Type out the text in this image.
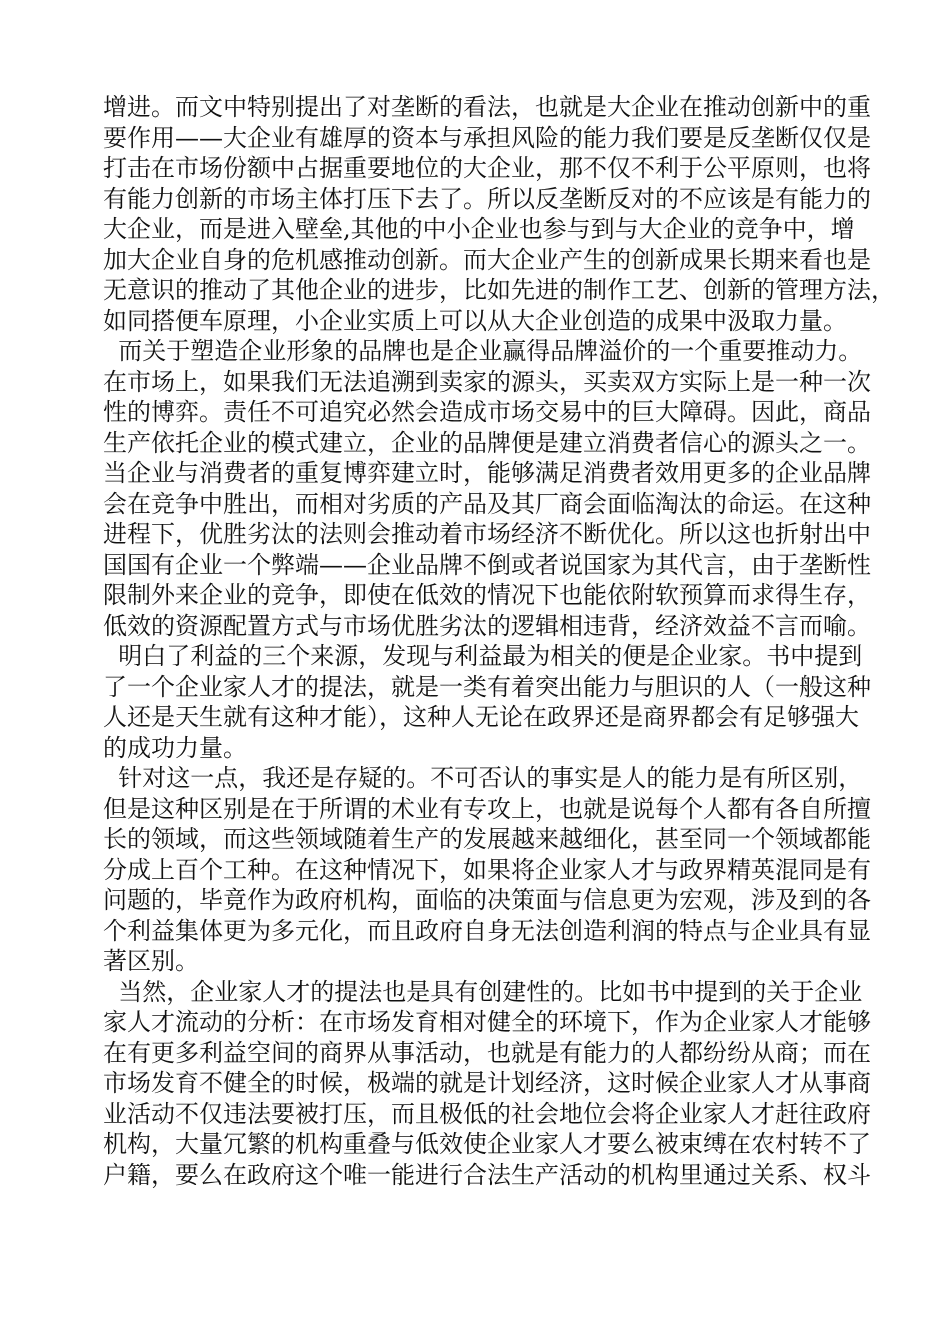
增进。而文中特别提出了对垄断的看法，也就是大企业在推动创新中的重
要作用——大企业有雄厚的资本与承担风险的能力我们要是反垄断仅仅是
打击在市场份额中占据重要地位的大企业，那不仅不利于公平原则，也将
有能力创新的市场主体打压下去了。所以反垄断反对的不应该是有能力的
大企业，而是进入壁垒,其他的中小企业也参与到与大企业的竞争中，增
加大企业自身的危机感推动创新。而大企业产生的创新成果长期来看也是
无意识的推动了其他企业的进步，比如先进的制作工艺、创新的管理方法，
如同搭便车原理，小企业实质上可以从大企业创造的成果中汲取力量。
而关于塑造企业形象的品牌也是企业赢得品牌溢价的一个重要推动力。
在市场上，如果我们无法追溯到卖家的源头，买卖双方实际上是一种一次
性的博弈。责任不可追究必然会造成市场交易中的巨大障碍。因此，商品
生产依托企业的模式建立，企业的品牌便是建立消费者信心的源头之一。
当企业与消费者的重复博弈建立时，能够满足消费者效用更多的企业品牌
会在竞争中胜出，而相对劣质的产品及其厂商会面临淘汰的命运。在这种
进程下，优胜劣汰的法则会推动着市场经济不断优化。所以这也折射出中
国国有企业一个弊端——企业品牌不倒或者说国家为其代言，由于垄断性
限制外来企业的竞争，即使在低效的情况下也能依附软预算而求得生存，
低效的资源配置方式与市场优胜劣汰的逻辑相违背，经济效益不言而喻。
明白了利益的三个来源，发现与利益最为相关的便是企业家。书中提到
了一个企业家人才的提法，就是一类有着突出能力与胆识的人（一般这种
人还是天生就有这种才能），这种人无论在政界还是商界都会有足够强大
的成功力量。
针对这一点，我还是存疑的。不可否认的事实是人的能力是有所区别，
但是这种区别是在于所谓的术业有专攻上，也就是说每个人都有各自所擅
长的领域，而这些领域随着生产的发展越来越细化，甚至同一个领域都能
分成上百个工种。在这种情况下，如果将企业家人才与政界精英混同是有
问题的，毕竟作为政府机构，面临的决策面与信息更为宏观，涉及到的各
个利益集体更为多元化，而且政府自身无法创造利润的特点与企业具有显
著区别。
当然，企业家人才的提法也是具有创建性的。比如书中提到的关于企业
家人才流动的分析：在市场发育相对健全的环境下，作为企业家人才能够
在有更多利益空间的商界从事活动，也就是有能力的人都纷纷从商；而在
市场发育不健全的时候，极端的就是计划经济，这时候企业家人才从事商
业活动不仅违法要被打压，而且极低的社会地位会将企业家人才赶往政府
机构，大量冗繁的机构重叠与低效使企业家人才要么被束缚在农村转不了
户籍，要么在政府这个唯一能进行合法生产活动的机构里通过关系、权斗
